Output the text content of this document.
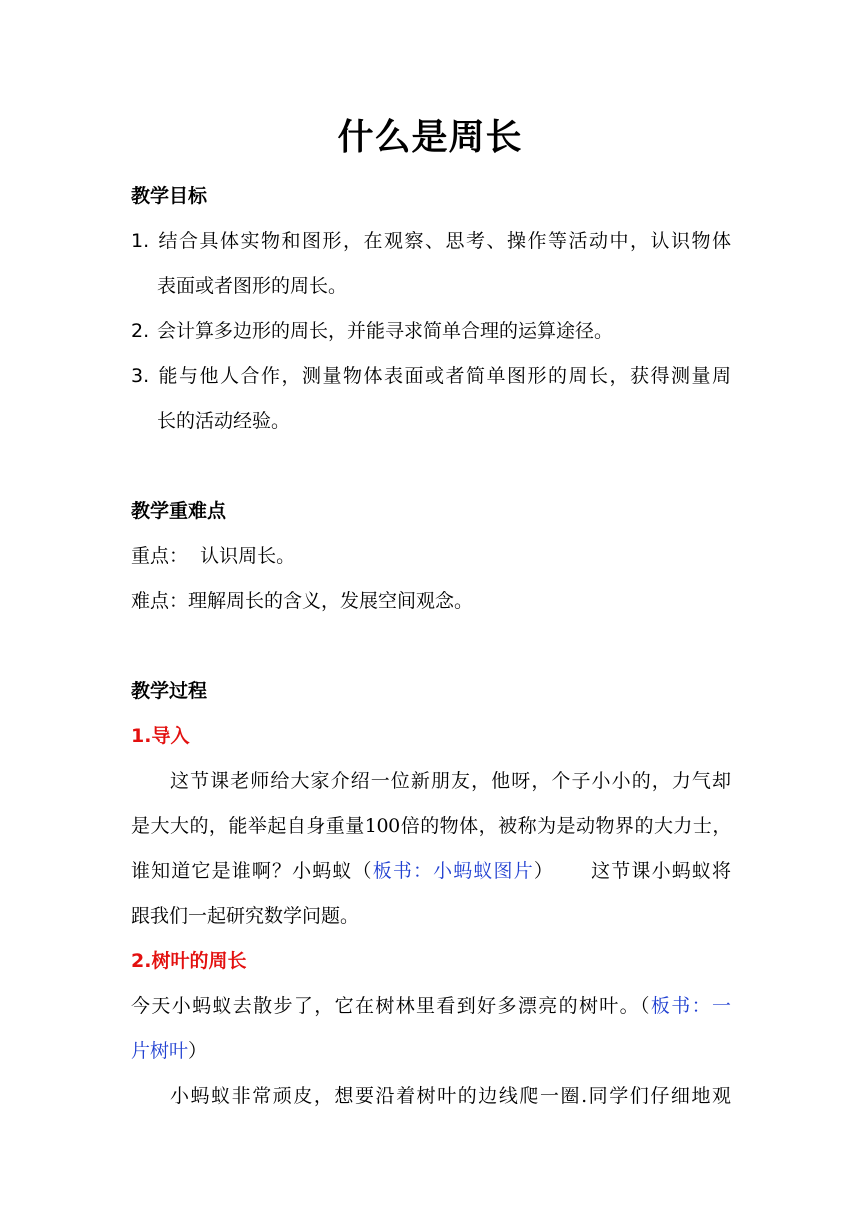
什么是周长
教学目标
1. 结合具体实物和图形，在观察、思考、操作等活动中，认识物体
表面或者图形的周长。
2. 会计算多边形的周长，并能寻求简单合理的运算途径。
3. 能与他人合作，测量物体表面或者简单图形的周长，获得测量周
长的活动经验。
教学重难点
重点：  认识周长。
难点：理解周长的含义，发展空间观念。
教学过程
1.导入
这节课老师给大家介绍一位新朋友，他呀，个子小小的，力气却
是大大的，能举起自身重量100倍的物体，被称为是动物界的大力士，
谁知道它是谁啊？小蚂蚁（板书：小蚂蚁图片） 这节课小蚂蚁将
跟我们一起研究数学问题。
2.树叶的周长
今天小蚂蚁去散步了，它在树林里看到好多漂亮的树叶。（板书：一
片树叶）
小蚂蚁非常顽皮，想要沿着树叶的边线爬一圈.同学们仔细地观
